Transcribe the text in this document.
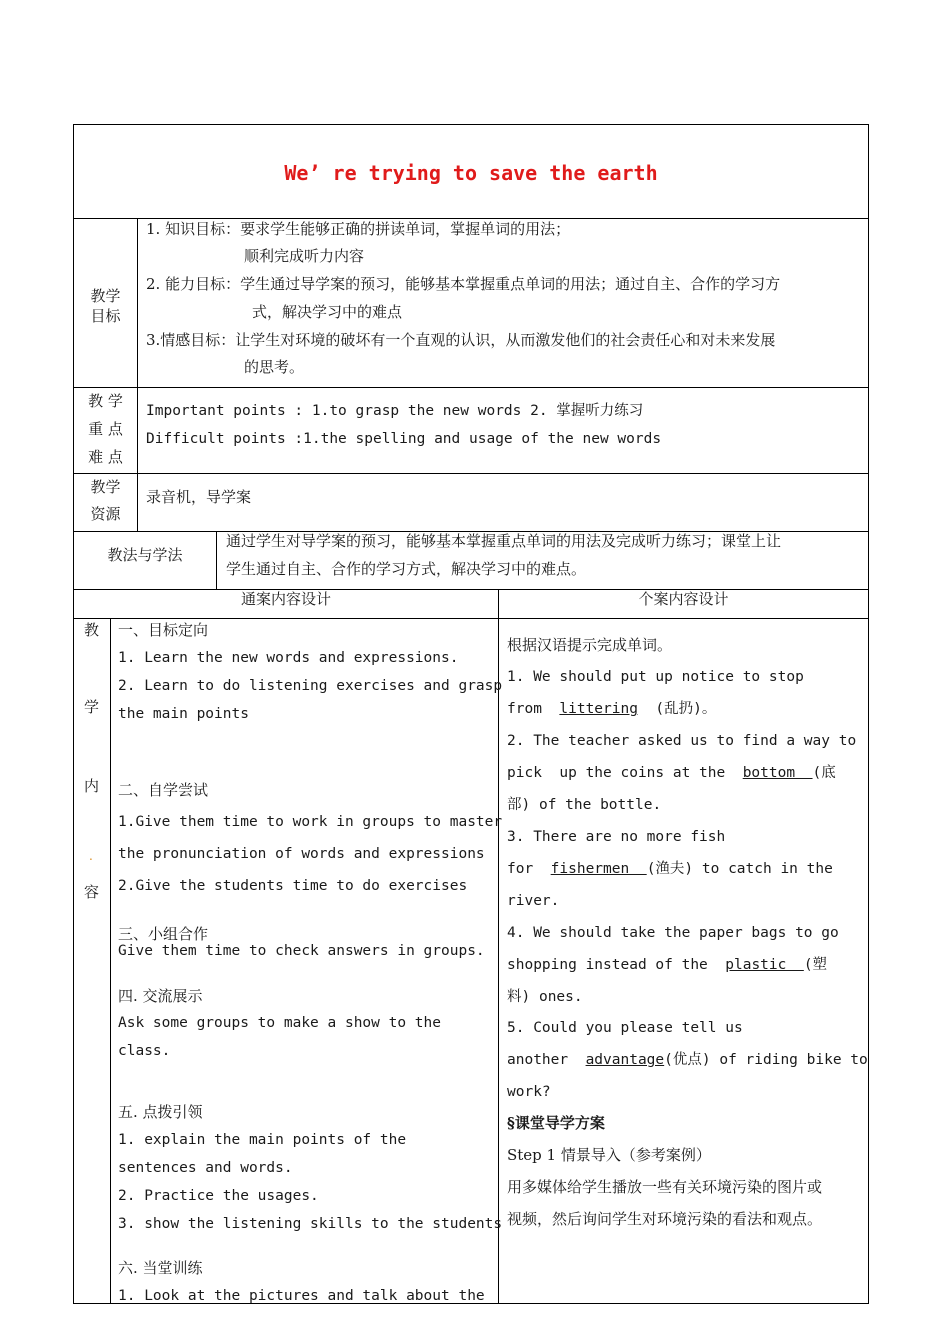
We’ re trying to save the earth
教学
目标
1. 知识目标：要求学生能够正确的拼读单词，掌握单词的用法；
顺利完成听力内容
2. 能力目标：学生通过导学案的预习，能够基本掌握重点单词的用法；通过自主、合作的学习方
式，解决学习中的难点
3.情感目标：让学生对环境的破坏有一个直观的认识，从而激发他们的社会责任心和对未来发展
的思考。
教 学
重 点
难 点
Important points : 1.to grasp the new words 2. 掌握听力练习
Difficult points :1.the spelling and usage of the new words
教学
资源
录音机，导学案
教法与学法
通过学生对导学案的预习，能够基本掌握重点单词的用法及完成听力练习；课堂上让
学生通过自主、合作的学习方式，解决学习中的难点。
通案内容设计	个案内容设计
教
学
内
.
容
一、目标定向
1. Learn the new words and expressions.
2. Learn to do listening exercises and grasp
the main points
二、自学尝试
1.Give them time to work in groups to master
the pronunciation of words and expressions
2.Give the students time to do exercises
三、小组合作
Give them time to check answers in groups.
四. 交流展示
Ask some groups to make a show to the
class.
五. 点拨引领
1. explain the main points of the
sentences and words.
2. Practice the usages.
3. show the listening skills to the students
六. 当堂训练
1. Look at the pictures and talk about the
根据汉语提示完成单词。
1. We should put up notice to stop
from  littering  (乱扔)。
2. The teacher asked us to find a way to
pick  up the coins at the  bottom  (底
部) of the bottle.
3. There are no more fish
for  fishermen  (渔夫) to catch in the
river.
4. We should take the paper bags to go
shopping instead of the  plastic  (塑
料) ones.
5. Could you please tell us
another  advantage(优点) of riding bike to
work?
§课堂导学方案
Step 1 情景导入（参考案例）
用多媒体给学生播放一些有关环境污染的图片或
视频，然后询问学生对环境污染的看法和观点。
